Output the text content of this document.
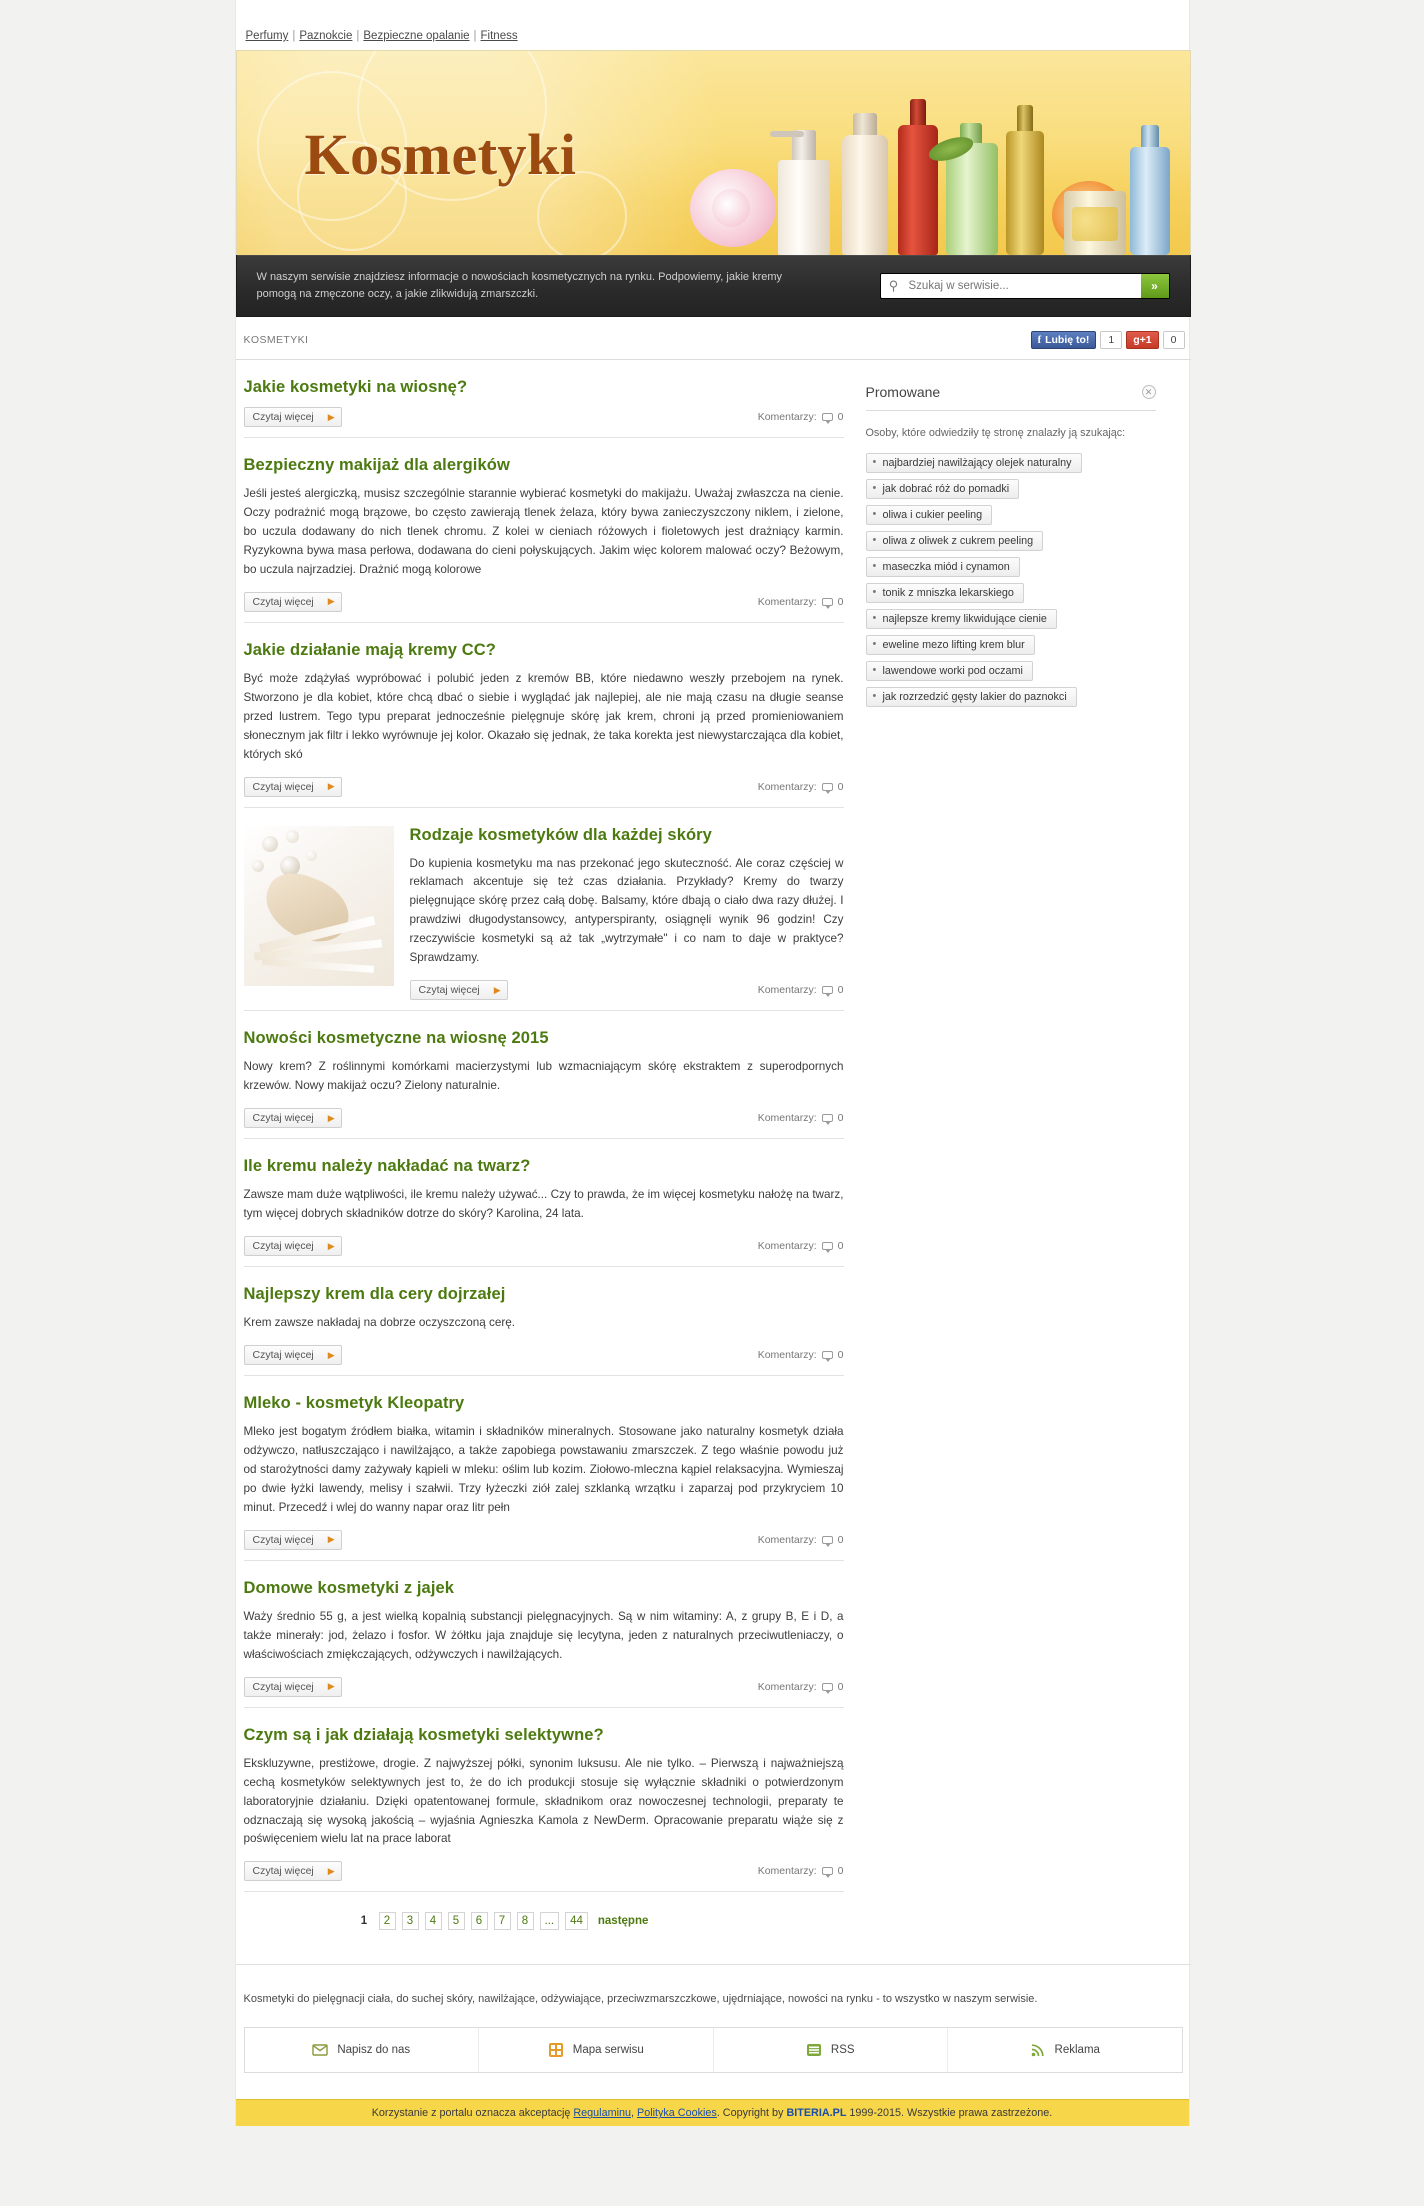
Perfumy | Paznokcie | Bezpieczne opalanie | Fitness
Kosmetyki
W naszym serwisie znajdziesz informacje o nowościach kosmetycznych na rynku. Podpowiemy, jakie kremy pomogą na zmęczone oczy, a jakie zlikwidują zmarszczki.
⚲
Szukaj w serwisie...	»
KOSMETYKI	f Lubię to!	1	g+1	0
Jakie kosmetyki na wiosnę?
Czytaj więcej ▶	Komentarzy: 0
Bezpieczny makijaż dla alergików

Jeśli jesteś alergiczką, musisz szczególnie starannie wybierać kosmetyki do makijażu. Uważaj zwłaszcza na cienie. Oczy podrażnić mogą brązowe, bo często zawierają tlenek żelaza, który bywa zanieczyszczony niklem, i zielone, bo uczula dodawany do nich tlenek chromu. Z kolei w cieniach różowych i fioletowych jest drażniący karmin. Ryzykowna bywa masa perłowa, dodawana do cieni połyskujących. Jakim więc kolorem malować oczy? Beżowym, bo uczula najrzadziej. Drażnić mogą kolorowe

Czytaj więcej ▶	Komentarzy: 0
Jakie działanie mają kremy CC?

Być może zdążyłaś wypróbować i polubić jeden z kremów BB, które niedawno weszły przebojem na rynek. Stworzono je dla kobiet, które chcą dbać o siebie i wyglądać jak najlepiej, ale nie mają czasu na długie seanse przed lustrem. Tego typu preparat jednocześnie pielęgnuje skórę jak krem, chroni ją przed promieniowaniem słonecznym jak filtr i lekko wyrównuje jej kolor. Okazało się jednak, że taka korekta jest niewystarczająca dla kobiet, których skó

Czytaj więcej ▶	Komentarzy: 0
Rodzaje kosmetyków dla każdej skóry

Do kupienia kosmetyku ma nas przekonać jego skuteczność. Ale coraz częściej w reklamach akcentuje się też czas działania. Przykłady? Kremy do twarzy pielęgnujące skórę przez całą dobę. Balsamy, które dbają o ciało dwa razy dłużej. I prawdziwi długodystansowcy, antyperspiranty, osiągnęli wynik 96 godzin! Czy rzeczywiście kosmetyki są aż tak „wytrzymałe" i co nam to daje w praktyce? Sprawdzamy.

Czytaj więcej ▶	Komentarzy: 0
Nowości kosmetyczne na wiosnę 2015

Nowy krem? Z roślinnymi komórkami macierzystymi lub wzmacniającym skórę ekstraktem z superodpornych krzewów. Nowy makijaż oczu? Zielony naturalnie.

Czytaj więcej ▶	Komentarzy: 0
Ile kremu należy nakładać na twarz?

Zawsze mam duże wątpliwości, ile kremu należy używać... Czy to prawda, że im więcej kosmetyku nałożę na twarz, tym więcej dobrych składników dotrze do skóry? Karolina, 24 lata.

Czytaj więcej ▶	Komentarzy: 0
Najlepszy krem dla cery dojrzałej

Krem zawsze nakładaj na dobrze oczyszczoną cerę.

Czytaj więcej ▶	Komentarzy: 0
Mleko - kosmetyk Kleopatry

Mleko jest bogatym źródłem białka, witamin i składników mineralnych. Stosowane jako naturalny kosmetyk działa odżywczo, natłuszczająco i nawilżająco, a także zapobiega powstawaniu zmarszczek. Z tego właśnie powodu już od starożytności damy zażywały kąpieli w mleku: oślim lub kozim. Ziołowo-mleczna kąpiel relaksacyjna. Wymieszaj po dwie łyżki lawendy, melisy i szałwii. Trzy łyżeczki ziół zalej szklanką wrzątku i zaparzaj pod przykryciem 10 minut. Przecedź i wlej do wanny napar oraz litr pełn

Czytaj więcej ▶	Komentarzy: 0
Domowe kosmetyki z jajek

Waży średnio 55 g, a jest wielką kopalnią substancji pielęgnacyjnych. Są w nim witaminy: A, z grupy B, E i D, a także minerały: jod, żelazo i fosfor. W żółtku jaja znajduje się lecytyna, jeden z naturalnych przeciwutleniaczy, o właściwościach zmiękczających, odżywczych i nawilżających.

Czytaj więcej ▶	Komentarzy: 0
Czym są i jak działają kosmetyki selektywne?

Ekskluzywne, prestiżowe, drogie. Z najwyższej półki, synonim luksusu. Ale nie tylko. – Pierwszą i najważniejszą cechą kosmetyków selektywnych jest to, że do ich produkcji stosuje się wyłącznie składniki o potwierdzonym laboratoryjnie działaniu. Dzięki opatentowanej formule, składnikom oraz nowoczesnej technologii, preparaty te odznaczają się wysoką jakością – wyjaśnia Agnieszka Kamola z NewDerm. Opracowanie preparatu wiąże się z poświęceniem wielu lat na prace laborat

Czytaj więcej ▶	Komentarzy: 0
1	2	3	4	5	6	7	8	...	44	następne
Promowane	✕

Osoby, które odwiedziły tę stronę znalazły ją szukając:

• najbardziej nawilżający olejek naturalny
• jak dobrać róż do pomadki
• oliwa i cukier peeling
• oliwa z oliwek z cukrem peeling
• maseczka miód i cynamon
• tonik z mniszka lekarskiego
• najlepsze kremy likwidujące cienie
• eweline mezo lifting krem blur
• lawendowe worki pod oczami
• jak rozrzedzić gęsty lakier do paznokci
Kosmetyki do pielęgnacji ciała, do suchej skóry, nawilżające, odżywiające, przeciwzmarszczkowe, ujędrniające, nowości na rynku - to wszystko w naszym serwisie.
Napisz do nas	Mapa serwisu	RSS	Reklama
Korzystanie z portalu oznacza akceptację Regulaminu, Polityka Cookies. Copyright by BITERIA.PL 1999-2015. Wszystkie prawa zastrzeżone.
